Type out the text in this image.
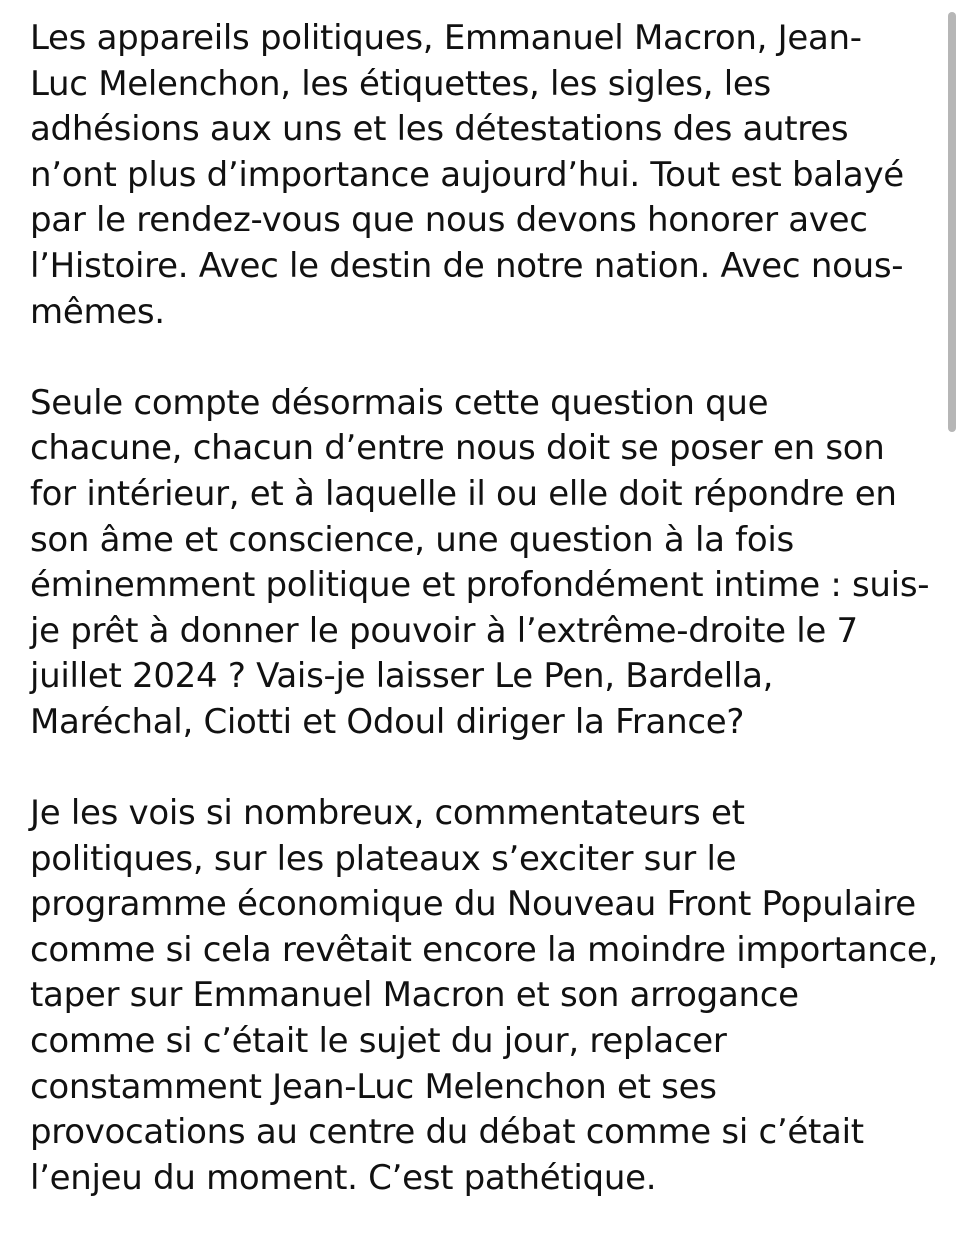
Les appareils politiques, Emmanuel Macron, Jean-
Luc Melenchon, les étiquettes, les sigles, les
adhésions aux uns et les détestations des autres
n’ont plus d’importance aujourd’hui. Tout est balayé
par le rendez-vous que nous devons honorer avec
l’Histoire. Avec le destin de notre nation. Avec nous-
mêmes.

Seule compte désormais cette question que
chacune, chacun d’entre nous doit se poser en son
for intérieur, et à laquelle il ou elle doit répondre en
son âme et conscience, une question à la fois
éminemment politique et profondément intime : suis-
je prêt à donner le pouvoir à l’extrême-droite le 7
juillet 2024 ? Vais-je laisser Le Pen, Bardella,
Maréchal, Ciotti et Odoul diriger la France?

Je les vois si nombreux, commentateurs et
politiques, sur les plateaux s’exciter sur le
programme économique du Nouveau Front Populaire
comme si cela revêtait encore la moindre importance,
taper sur Emmanuel Macron et son arrogance
comme si c’était le sujet du jour, replacer
constamment Jean-Luc Melenchon et ses
provocations au centre du débat comme si c’était
l’enjeu du moment. C’est pathétique.
